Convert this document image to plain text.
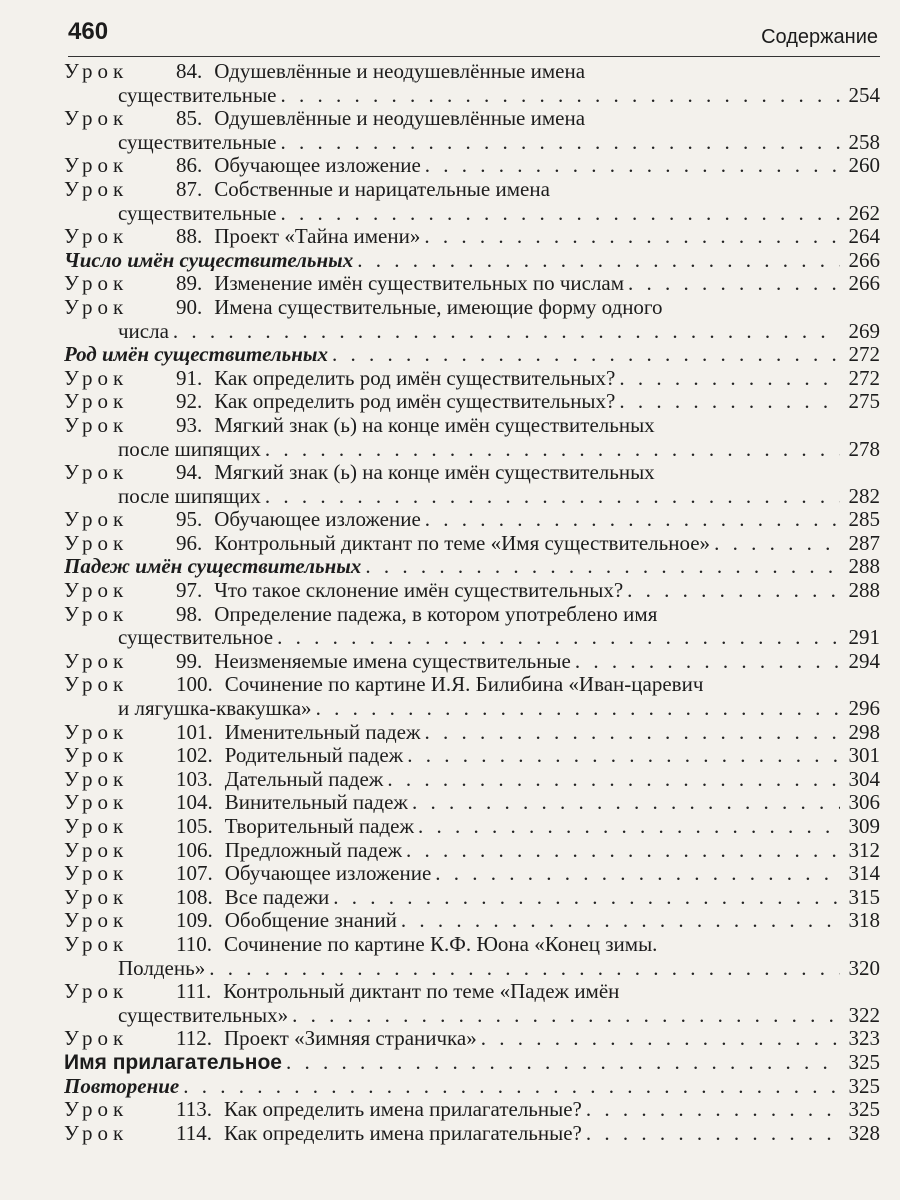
460	Содержание
Урок	84. Одушевлённые и неодушевлённые имена
существительные . . .	254
Урок	85. Одушевлённые и неодушевлённые имена
существительные . . .	258
Урок	86. Обучающее изложение . . .	260
Урок	87. Собственные и нарицательные имена
существительные . . .	262
Урок	88. Проект «Тайна имени» . . .	264
Число имён существительных . . .	266
Урок	89. Изменение имён существительных по числам . . .	266
Урок	90. Имена существительные, имеющие форму одного
числа . . .	269
Род имён существительных . . .	272
Урок	91. Как определить род имён существительных? . . .	272
Урок	92. Как определить род имён существительных? . . .	275
Урок	93. Мягкий знак (ь) на конце имён существительных
после шипящих . . .	278
Урок	94. Мягкий знак (ь) на конце имён существительных
после шипящих . . .	282
Урок	95. Обучающее изложение . . .	285
Урок	96. Контрольный диктант по теме «Имя существительное» . . .	287
Падеж имён существительных . . .	288
Урок	97. Что такое склонение имён существительных? . . .	288
Урок	98. Определение падежа, в котором употреблено имя
существительное . . .	291
Урок	99. Неизменяемые имена существительные . . .	294
Урок	100. Сочинение по картине И.Я. Билибина «Иван-царевич
и лягушка-квакушка» . . .	296
Урок	101. Именительный падеж . . .	298
Урок	102. Родительный падеж . . .	301
Урок	103. Дательный падеж . . .	304
Урок	104. Винительный падеж . . .	306
Урок	105. Творительный падеж . . .	309
Урок	106. Предложный падеж . . .	312
Урок	107. Обучающее изложение . . .	314
Урок	108. Все падежи . . .	315
Урок	109. Обобщение знаний . . .	318
Урок	110. Сочинение по картине К.Ф. Юона «Конец зимы.
Полдень» . . .	320
Урок	111. Контрольный диктант по теме «Падеж имён
существительных» . . .	322
Урок	112. Проект «Зимняя страничка» . . .	323
Имя прилагательное . . .	325
Повторение . . .	325
Урок	113. Как определить имена прилагательные? . . .	325
Урок	114. Как определить имена прилагательные? . . .	328
